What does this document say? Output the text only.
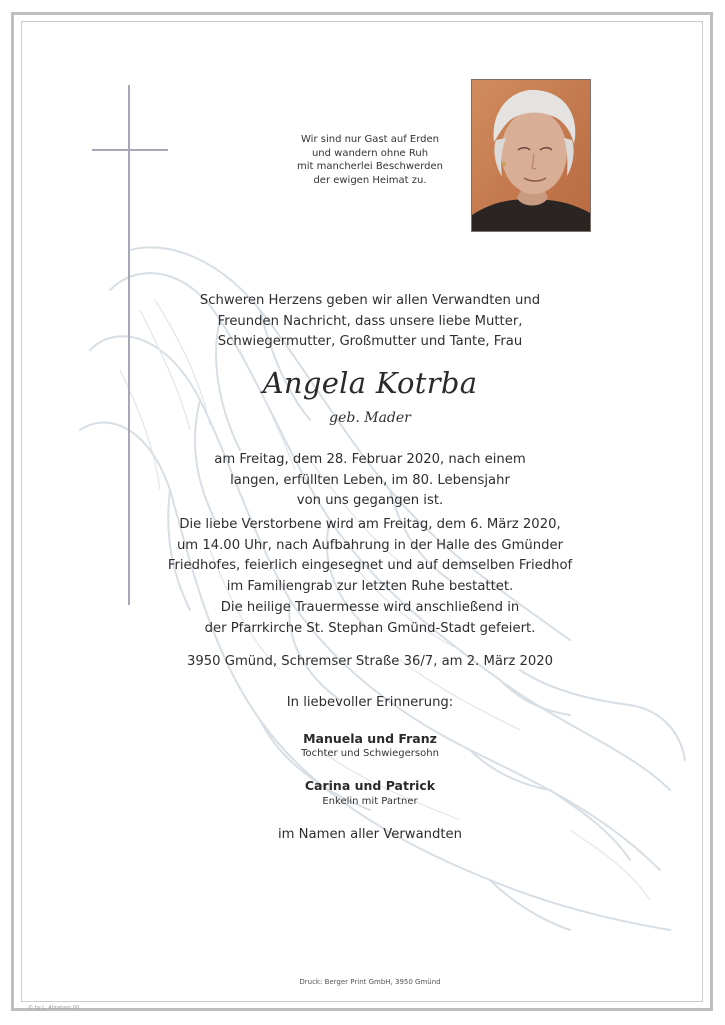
Wir sind nur Gast auf Erden
und wandern ohne Ruh
mit mancherlei Beschwerden
der ewigen Heimat zu.
Schweren Herzens geben wir allen Verwandten und
Freunden Nachricht, dass unsere liebe Mutter,
Schwiegermutter, Großmutter und Tante, Frau
Angela Kotrba
geb. Mader
am Freitag, dem 28. Februar 2020, nach einem
langen, erfüllten Leben, im 80. Lebensjahr
von uns gegangen ist.
Die liebe Verstorbene wird am Freitag, dem 6. März 2020,
um 14.00 Uhr, nach Aufbahrung in der Halle des Gmünder
Friedhofes, feierlich eingesegnet und auf demselben Friedhof
im Familiengrab zur letzten Ruhe bestattet.
Die heilige Trauermesse wird anschließend in
der Pfarrkirche St. Stephan Gmünd-Stadt gefeiert.
3950 Gmünd, Schremser Straße 36/7, am 2. März 2020
In liebevoller Erinnerung:
Manuela und Franz
Tochter und Schwiegersohn
Carina und Patrick
Enkelin mit Partner
im Namen aller Verwandten
Druck: Berger Print GmbH, 3950 Gmünd
© by L. Abraham 00
